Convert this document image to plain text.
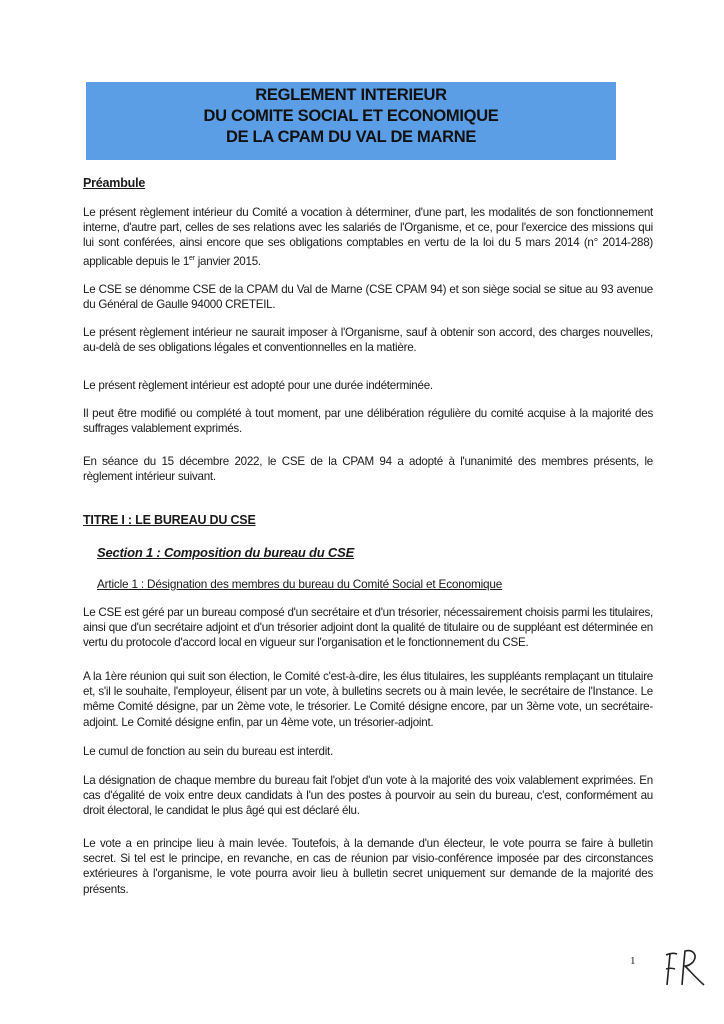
REGLEMENT INTERIEUR
DU COMITE SOCIAL ET ECONOMIQUE
DE LA CPAM DU VAL DE MARNE
Préambule
Le présent règlement intérieur du Comité a vocation à déterminer, d'une part, les modalités de son fonctionnement interne, d'autre part, celles de ses relations avec les salariés de l'Organisme, et ce, pour l'exercice des missions qui lui sont conférées, ainsi encore que ses obligations comptables en vertu de la loi du 5 mars 2014 (n° 2014-288) applicable depuis le 1er janvier 2015.
Le CSE se dénomme CSE de la CPAM du Val de Marne (CSE CPAM 94) et son siège social se situe au 93 avenue du Général de Gaulle 94000 CRETEIL.
Le présent règlement intérieur ne saurait imposer à l'Organisme, sauf à obtenir son accord, des charges nouvelles, au-delà de ses obligations légales et conventionnelles en la matière.
Le présent règlement intérieur est adopté pour une durée indéterminée.
Il peut être modifié ou complété à tout moment, par une délibération régulière du comité acquise à la majorité des suffrages valablement exprimés.
En séance du 15 décembre 2022, le CSE de la CPAM 94 a adopté à l'unanimité des membres présents, le règlement intérieur suivant.
TITRE I : LE BUREAU DU CSE
Section 1 : Composition du bureau du CSE
Article 1 : Désignation des membres du bureau du Comité Social et Economique
Le CSE est géré par un bureau composé d'un secrétaire et d'un trésorier, nécessairement choisis parmi les titulaires, ainsi que d'un secrétaire adjoint et d'un trésorier adjoint dont la qualité de titulaire ou de suppléant est déterminée en vertu du protocole d'accord local en vigueur sur l'organisation et le fonctionnement du CSE.
A la 1ère réunion qui suit son élection, le Comité c'est-à-dire, les élus titulaires, les suppléants remplaçant un titulaire et, s'il le souhaite, l'employeur, élisent par un vote, à bulletins secrets ou à main levée, le secrétaire de l'Instance. Le même Comité désigne, par un 2ème vote, le trésorier. Le Comité désigne encore, par un 3ème vote, un secrétaire-adjoint. Le Comité désigne enfin, par un 4ème vote, un trésorier-adjoint.
Le cumul de fonction au sein du bureau est interdit.
La désignation de chaque membre du bureau fait l'objet d'un vote à la majorité des voix valablement exprimées. En cas d'égalité de voix entre deux candidats à l'un des postes à pourvoir au sein du bureau, c'est, conformément au droit électoral, le candidat le plus âgé qui est déclaré élu.
Le vote a en principe lieu à main levée. Toutefois, à la demande d'un électeur, le vote pourra se faire à bulletin secret. Si tel est le principe, en revanche, en cas de réunion par visio-conférence imposée par des circonstances extérieures à l'organisme, le vote pourra avoir lieu à bulletin secret uniquement sur demande de la majorité des présents.
1
